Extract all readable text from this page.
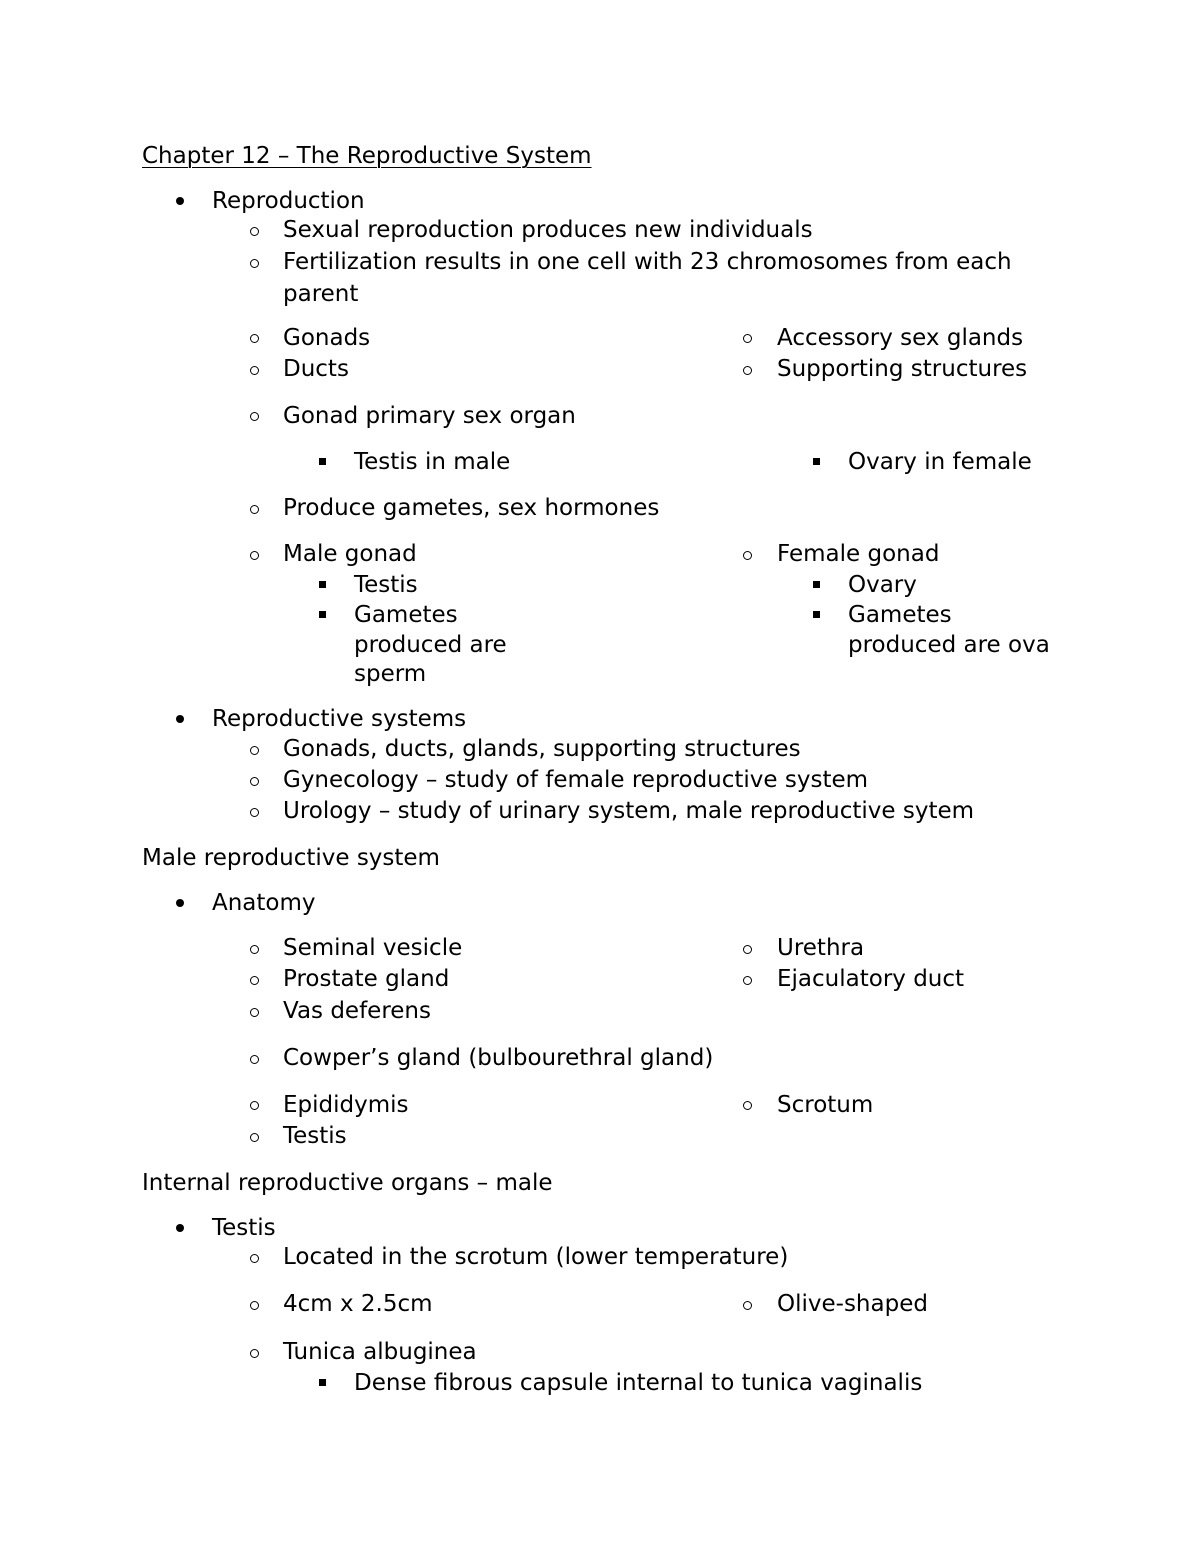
Chapter 12 – The Reproductive System
Reproduction
Sexual reproduction produces new individuals
Fertilization results in one cell with 23 chromosomes from each
parent
Gonads
Ducts
Accessory sex glands
Supporting structures
Gonad primary sex organ
Testis in male	Ovary in female
Produce gametes, sex hormones
Male gonad
Testis
Gametes
produced are
sperm
Female gonad
Ovary
Gametes
produced are ova
Reproductive systems
Gonads, ducts, glands, supporting structures
Gynecology – study of female reproductive system
Urology – study of urinary system, male reproductive sytem
Male reproductive system
Anatomy
Seminal vesicle
Prostate gland
Vas deferens
Urethra
Ejaculatory duct
Cowper’s gland (bulbourethral gland)
Epididymis
Testis
Scrotum
Internal reproductive organs – male
Testis
Located in the scrotum (lower temperature)
4cm x 2.5cm	Olive-shaped
Tunica albuginea
Dense fibrous capsule internal to tunica vaginalis
